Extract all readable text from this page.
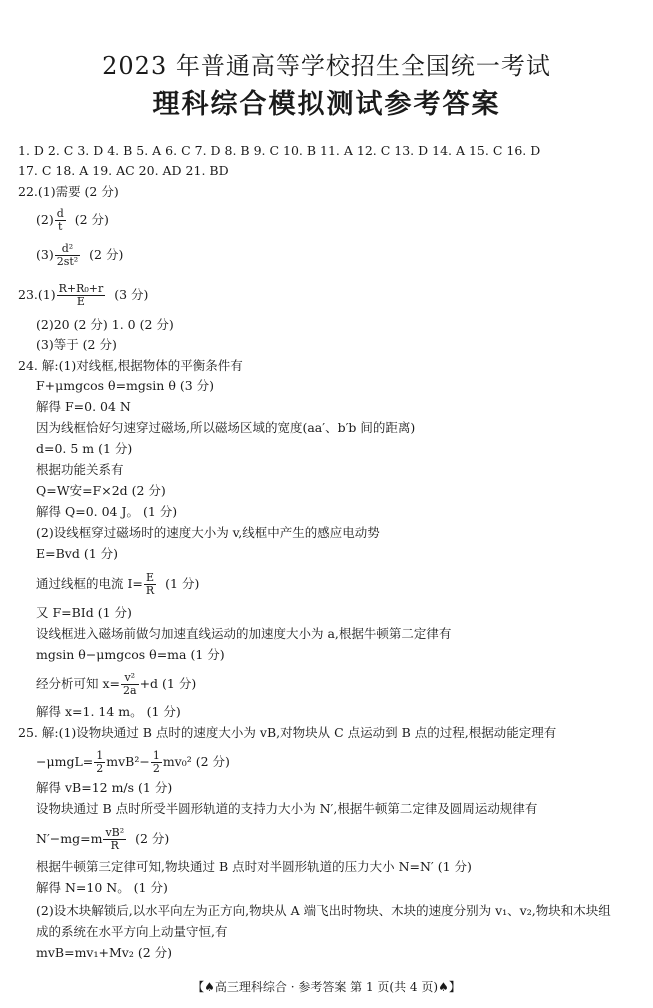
2023 年普通高等学校招生全国统一考试
理科综合模拟测试参考答案
1. D 2. C 3. D 4. B 5. A 6. C 7. D 8. B 9. C 10. B 11. A 12. C 13. D 14. A 15. C 16. D
17. C 18. A 19. AC 20. AD 21. BD
22.(1)需要 (2 分)
$(2) \frac{d}{t} (2$ 分)
$(3) \frac{\text{d²}}{\text{2st²}} (2$ 分)
$23.(1) \frac{\text{R+R₀+r}}{E} (3$ 分)
(2)20 (2 分) 1. 0 (2 分)
(3)等于 (2 分)
24. 解:(1)对线框,根据物体的平衡条件有
F+μmgcos θ=mgsin θ (3 分)
解得 F=0. 04 N
因为线框恰好匀速穿过磁场,所以磁场区域的宽度(aa′、b′b 间的距离)
d=0. 5 m (1 分)
根据功能关系有
Q=W安=F×2d (2 分)
解得 Q=0. 04 J。 (1 分)
(2)设线框穿过磁场时的速度大小为 v,线框中产生的感应电动势
E=Bvd (1 分)
通过线框的电流 $I= \frac{E}{R} (1$ 分)
又 F=BId (1 分)
设线框进入磁场前做匀加速直线运动的加速度大小为 a,根据牛顿第二定律有
mgsin θ−μmgcos θ=ma (1 分)
经分析可知 $x= \frac{\text{v²}}{2a} +d$ (1 分)
解得 x=1. 14 m。 (1 分)
25. 解:(1)设物块通过 B 点时的速度大小为 vB,对物块从 C 点运动到 B 点的过程,根据动能定理有
$-\mu mgL= \frac{1}{2} mvB^2- \frac{1}{2} mv_0^2$ (2 分)
解得 vB=12 m/s (1 分)
设物块通过 B 点时所受半圆形轨道的支持力大小为 N′,根据牛顿第二定律及圆周运动规律有
$N'-mg=m \frac{\text{vB²}}{R} (2$ 分)
根据牛顿第三定律可知,物块通过 B 点时对半圆形轨道的压力大小 N=N′ (1 分)
解得 N=10 N。 (1 分)
(2)设木块解锁后,以水平向左为正方向,物块从 A 端飞出时物块、木块的速度分别为 v₁、v₂,物块和木块组
成的系统在水平方向上动量守恒,有
mvB=mv₁+Mv₂ (2 分)
【♠高三理科综合 · 参考答案 第 1 页(共 4 页)♠】
